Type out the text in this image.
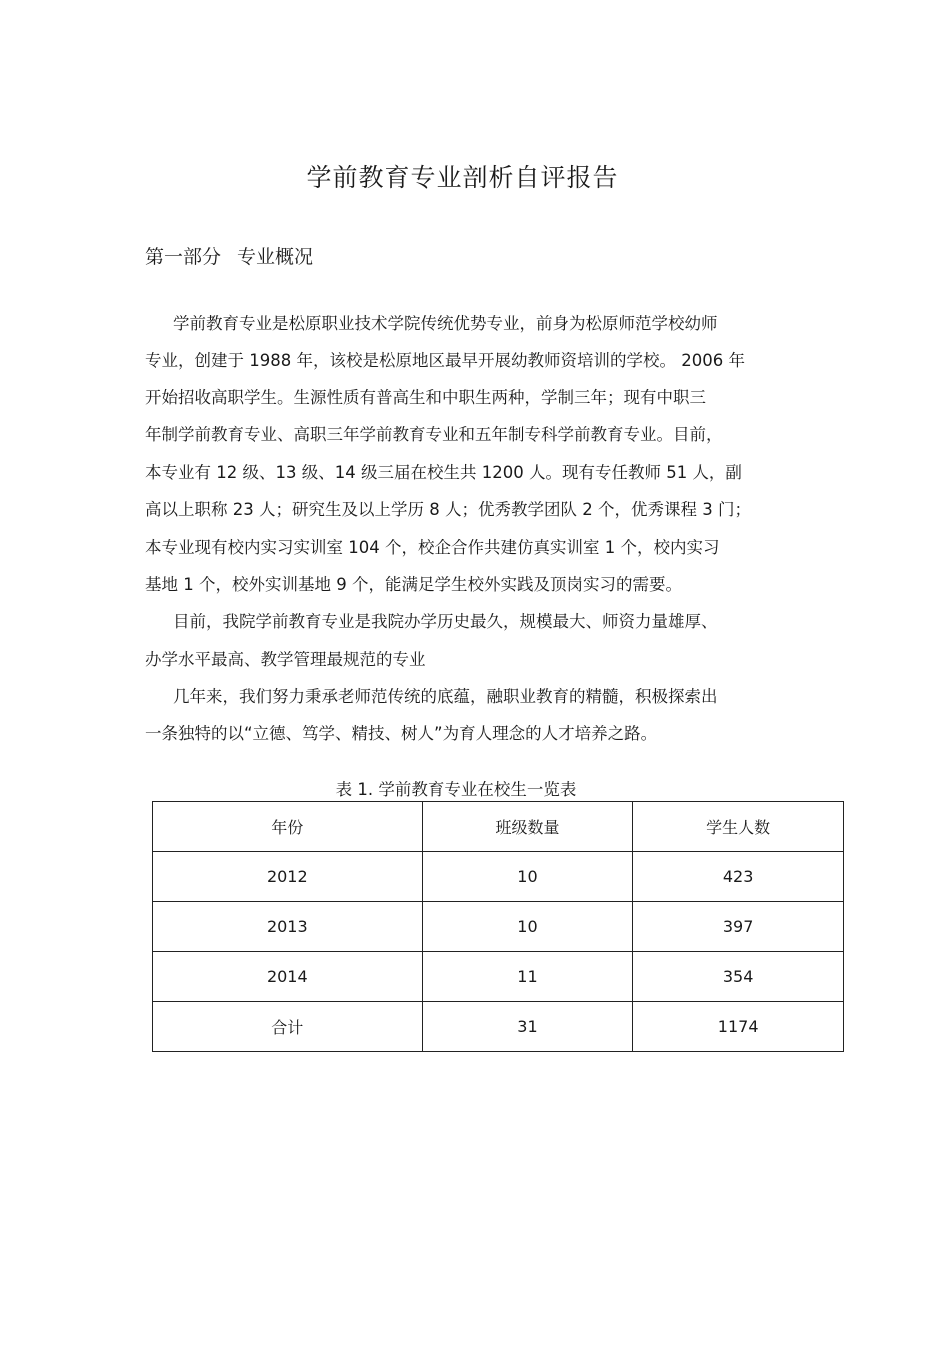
学前教育专业剖析自评报告
第一部分 专业概况

学前教育专业是松原职业技术学院传统优势专业，前身为松原师范学校幼师

专业，创建于 1988 年，该校是松原地区最早开展幼教师资培训的学校。 2006 年

开始招收高职学生。生源性质有普高生和中职生两种，学制三年；现有中职三

年制学前教育专业、高职三年学前教育专业和五年制专科学前教育专业。目前，

本专业有 12 级、13 级、14 级三届在校生共 1200 人。现有专任教师 51 人，副

高以上职称 23 人；研究生及以上学历 8 人；优秀教学团队 2 个，优秀课程 3 门；

本专业现有校内实习实训室 104 个，校企合作共建仿真实训室 1 个，校内实习

基地 1 个，校外实训基地 9 个，能满足学生校外实践及顶岗实习的需要。

目前，我院学前教育专业是我院办学历史最久，规模最大、师资力量雄厚、

办学水平最高、教学管理最规范的专业

几年来，我们努力秉承老师范传统的底蕴，融职业教育的精髓，积极探索出

一条独特的以“立德、笃学、精技、树人”为育人理念的人才培养之路。

表 1. 学前教育专业在校生一览表

年份	班级数量	学生人数
2012	10	423
2013	10	397
2014	11	354
合计	31	1174
